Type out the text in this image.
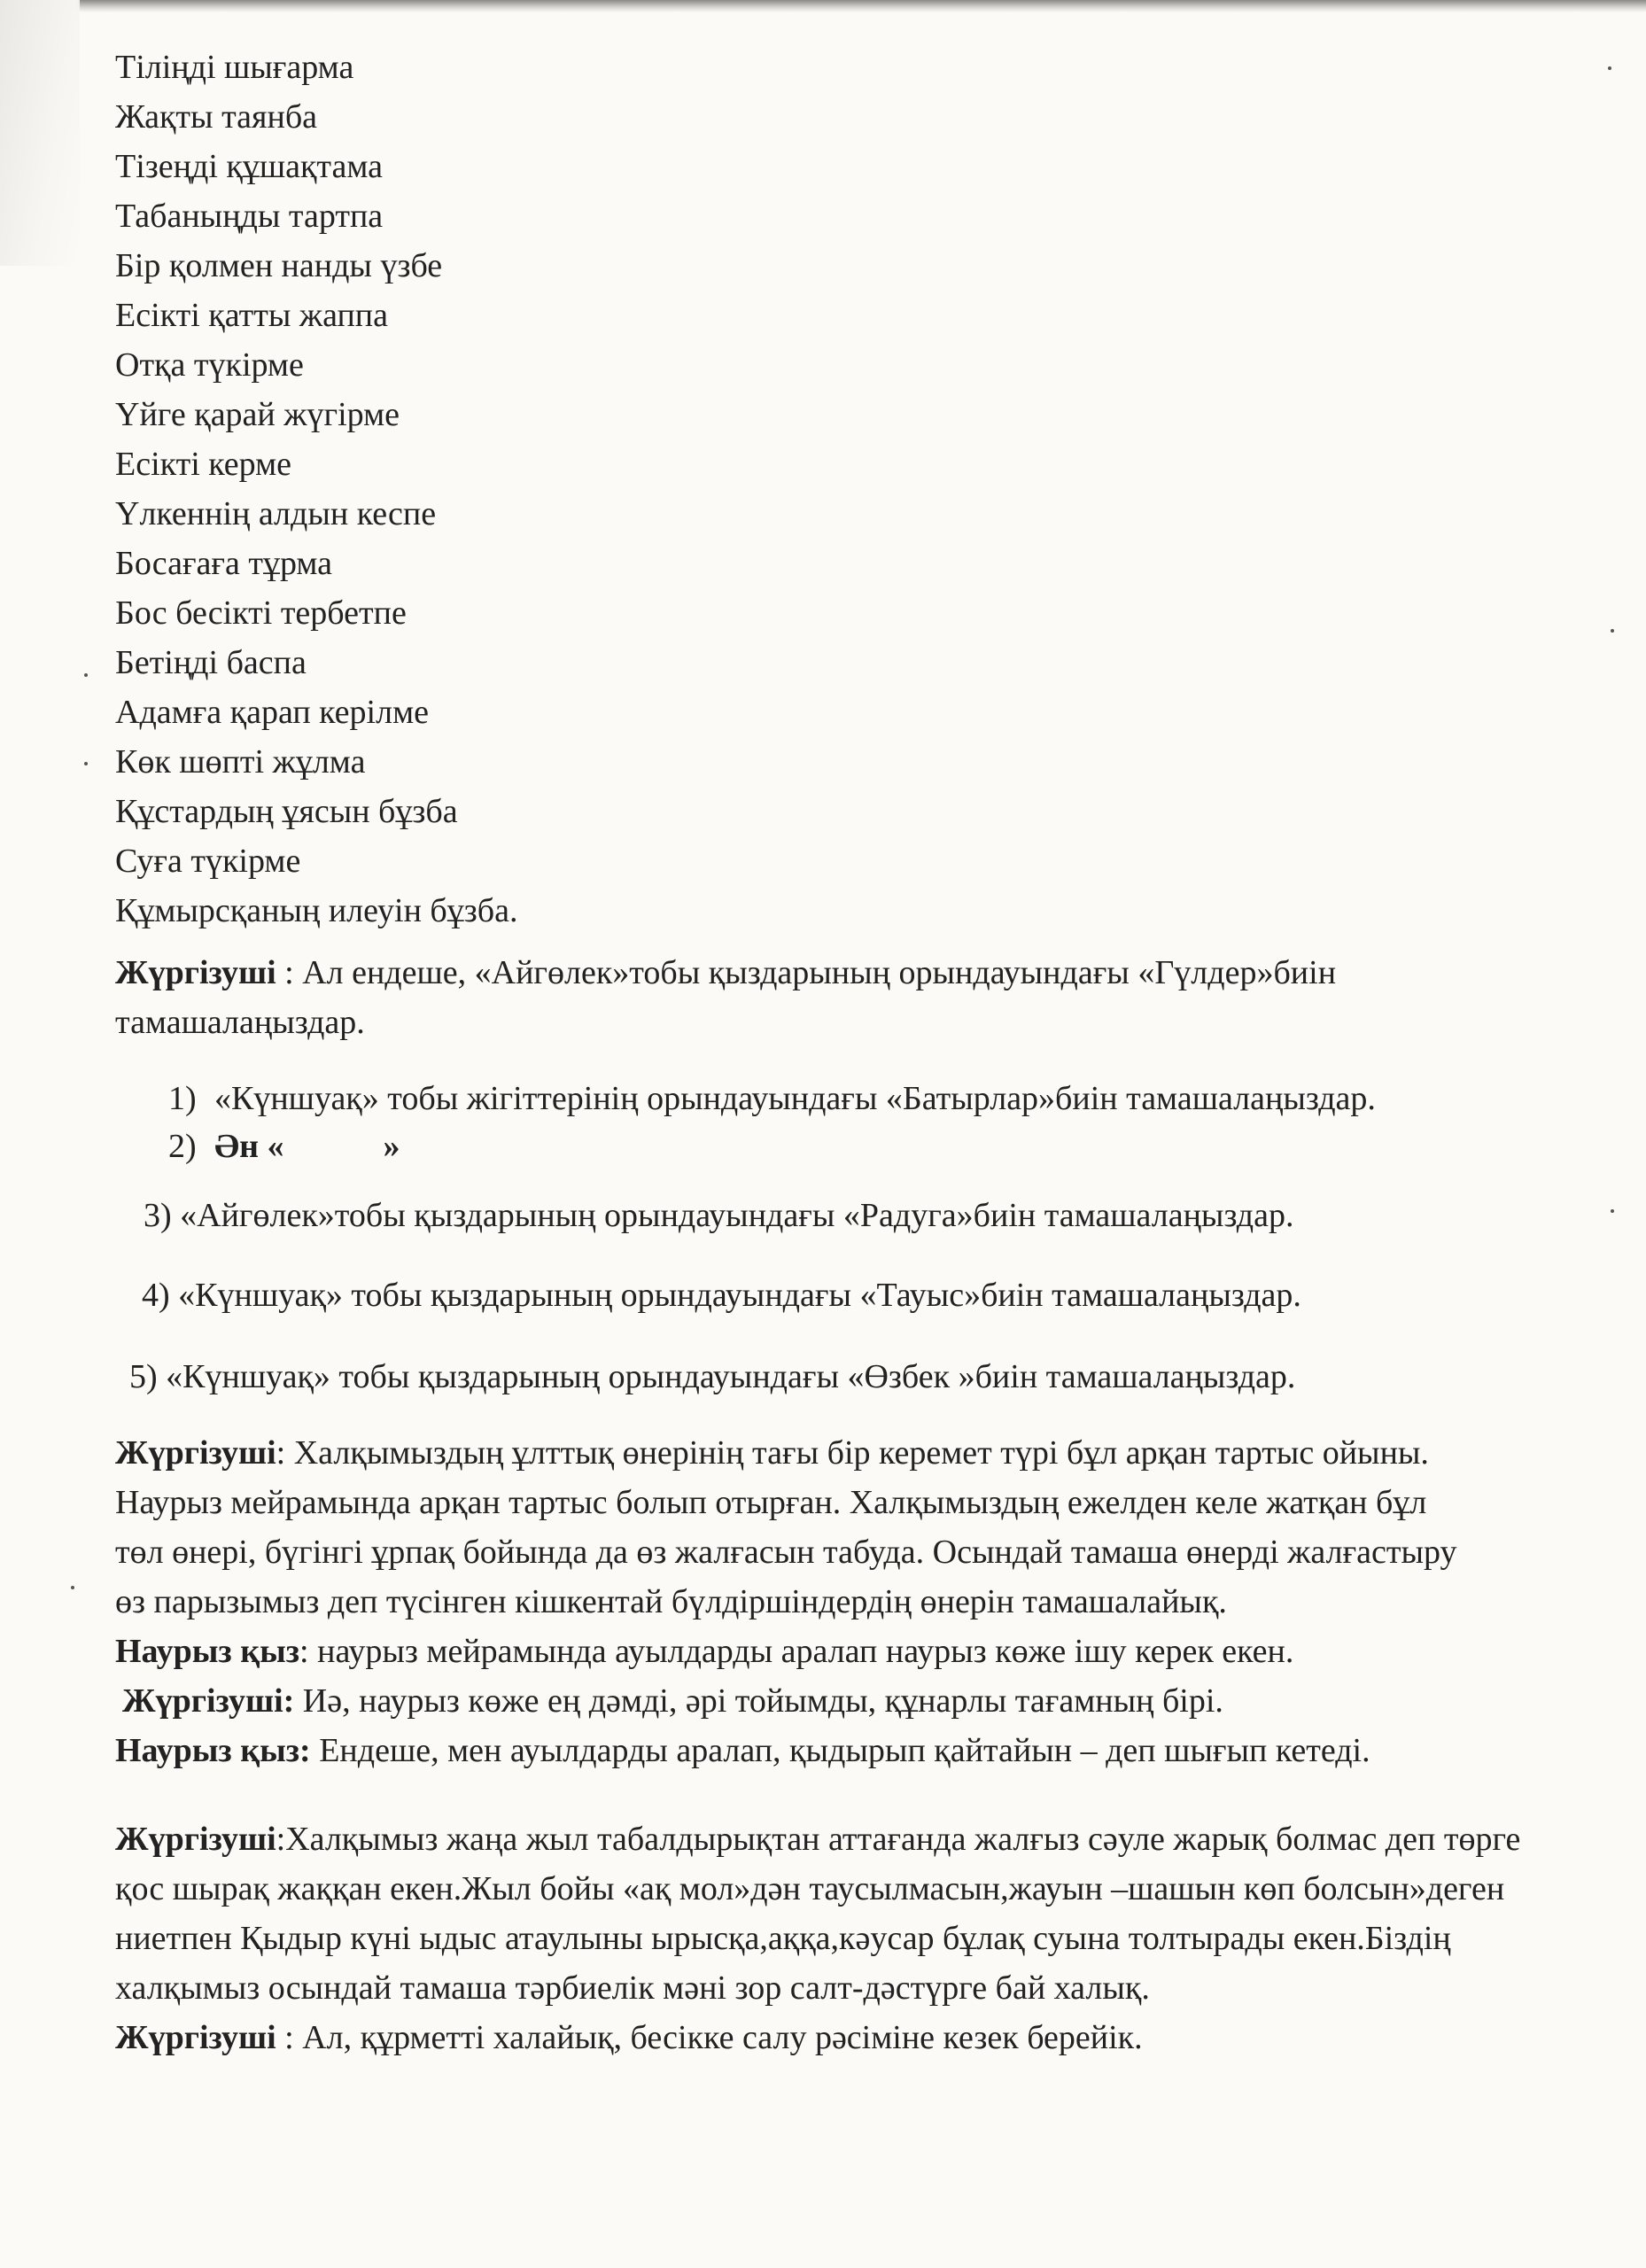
Тіліңді шығарма
Жақты таянба
Тізеңді құшақтама
Табаныңды тартпа
Бір қолмен нанды үзбе
Есікті қатты жаппа
Отқа түкірме
Үйге қарай жүгірме
Есікті керме
Үлкеннің алдын кеспе
Босағаға тұрма
Бос бесікті тербетпе
Бетіңді баспа
Адамға қарап керілме
Көк шөпті жұлма
Құстардың ұясын бұзба
Суға түкірме
Құмырсқаның илеуін бұзба.

Жүргізуші : Ал ендеше, «Айгөлек»тобы қыздарының орындауындағы «Гүлдер»биін тамашалаңыздар.

1) «Күншуақ» тобы жігіттерінің орындауындағы «Батырлар»биін тамашалаңыздар.
2) Ән «	»
3) «Айгөлек»тобы қыздарының орындауындағы «Радуга»биін тамашалаңыздар.
4) «Күншуақ» тобы қыздарының орындауындағы «Тауыс»биін тамашалаңыздар.
5) «Күншуақ» тобы қыздарының орындауындағы «Өзбек »биін тамашалаңыздар.

Жүргізуші: Халқымыздың ұлттық өнерінің тағы бір керемет түрі бұл арқан тартыс ойыны. Наурыз мейрамында арқан тартыс болып отырған. Халқымыздың ежелден келе жатқан бұл төл өнері, бүгінгі ұрпақ бойында да өз жалғасын табуда. Осындай тамаша өнерді жалғастыру өз парызымыз деп түсінген кішкентай бүлдіршіндердің өнерін тамашалайық.

Наурыз қыз: наурыз мейрамында ауылдарды аралап наурыз көже ішу керек екен.

Жүргізуші: Иә, наурыз көже ең дәмді, әрі тойымды, құнарлы тағамның бірі.

Наурыз қыз: Ендеше, мен ауылдарды аралап, қыдырып қайтайын – деп шығып кетеді.

Жүргізуші:Халқымыз жаңа жыл табалдырықтан аттағанда жалғыз сәуле жарық болмас деп төрге қос шырақ жаққан екен.Жыл бойы «ақ мол»дән таусылмасын,жауын –шашын көп болсын»деген ниетпен Қыдыр күні ыдыс атаулыны ырысқа,аққа,кәусар бұлақ суына толтырады екен.Біздің халқымыз осындай тамаша тәрбиелік мәні зор салт-дәстүрге бай халық.

Жүргізуші : Ал, құрметті халайық, бесікке салу рәсіміне кезек берейік.
